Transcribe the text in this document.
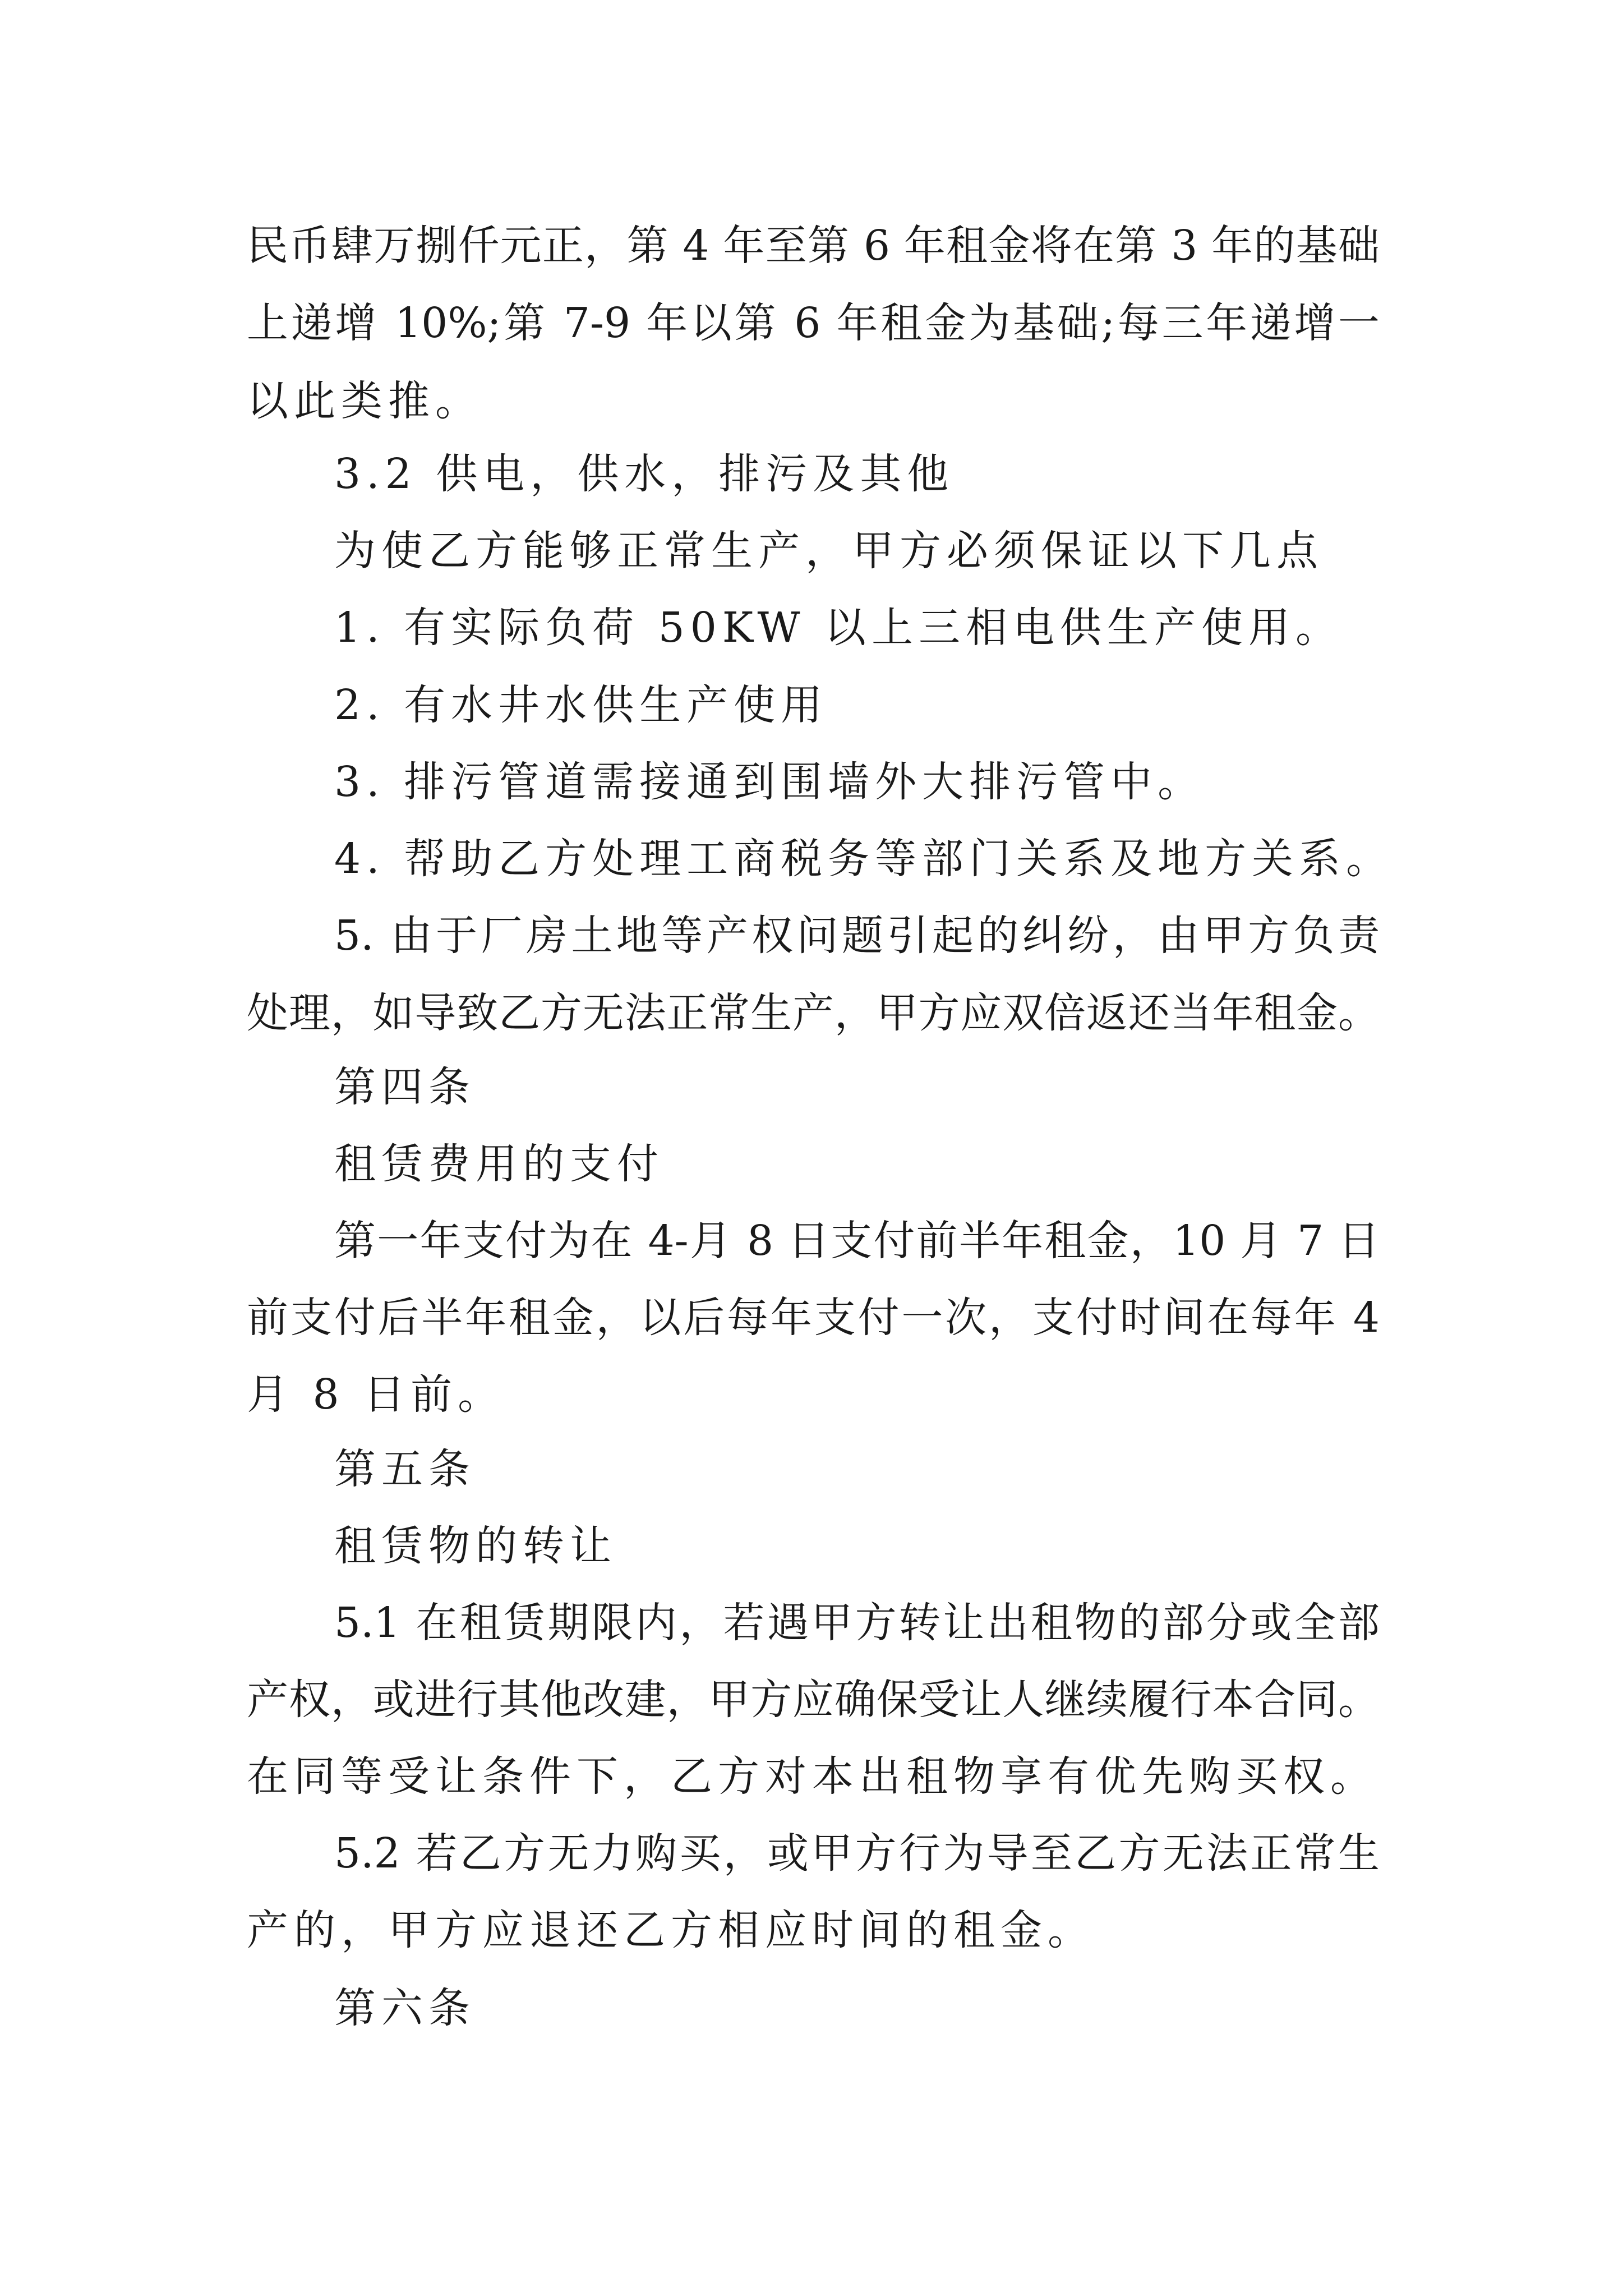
民币肆万捌仟元正，第 4 年至第 6 年租金将在第 3 年的基础
上递增 10%;第 7-9 年以第 6 年租金为基础;每三年递增一
以此类推。
3.2 供电，供水，排污及其他
为使乙方能够正常生产，甲方必须保证以下几点
1. 有实际负荷 50KW 以上三相电供生产使用。
2. 有水井水供生产使用
3. 排污管道需接通到围墙外大排污管中。
4. 帮助乙方处理工商税务等部门关系及地方关系。
5. 由于厂房土地等产权问题引起的纠纷，由甲方负责
处理，如导致乙方无法正常生产，甲方应双倍返还当年租金。
第四条
租赁费用的支付
第一年支付为在 4-月 8 日支付前半年租金，10 月 7 日
前支付后半年租金，以后每年支付一次，支付时间在每年 4
月 8 日前。
第五条
租赁物的转让
5.1 在租赁期限内，若遇甲方转让出租物的部分或全部
产权，或进行其他改建，甲方应确保受让人继续履行本合同。
在同等受让条件下，乙方对本出租物享有优先购买权。
5.2 若乙方无力购买，或甲方行为导至乙方无法正常生
产的，甲方应退还乙方相应时间的租金。
第六条
